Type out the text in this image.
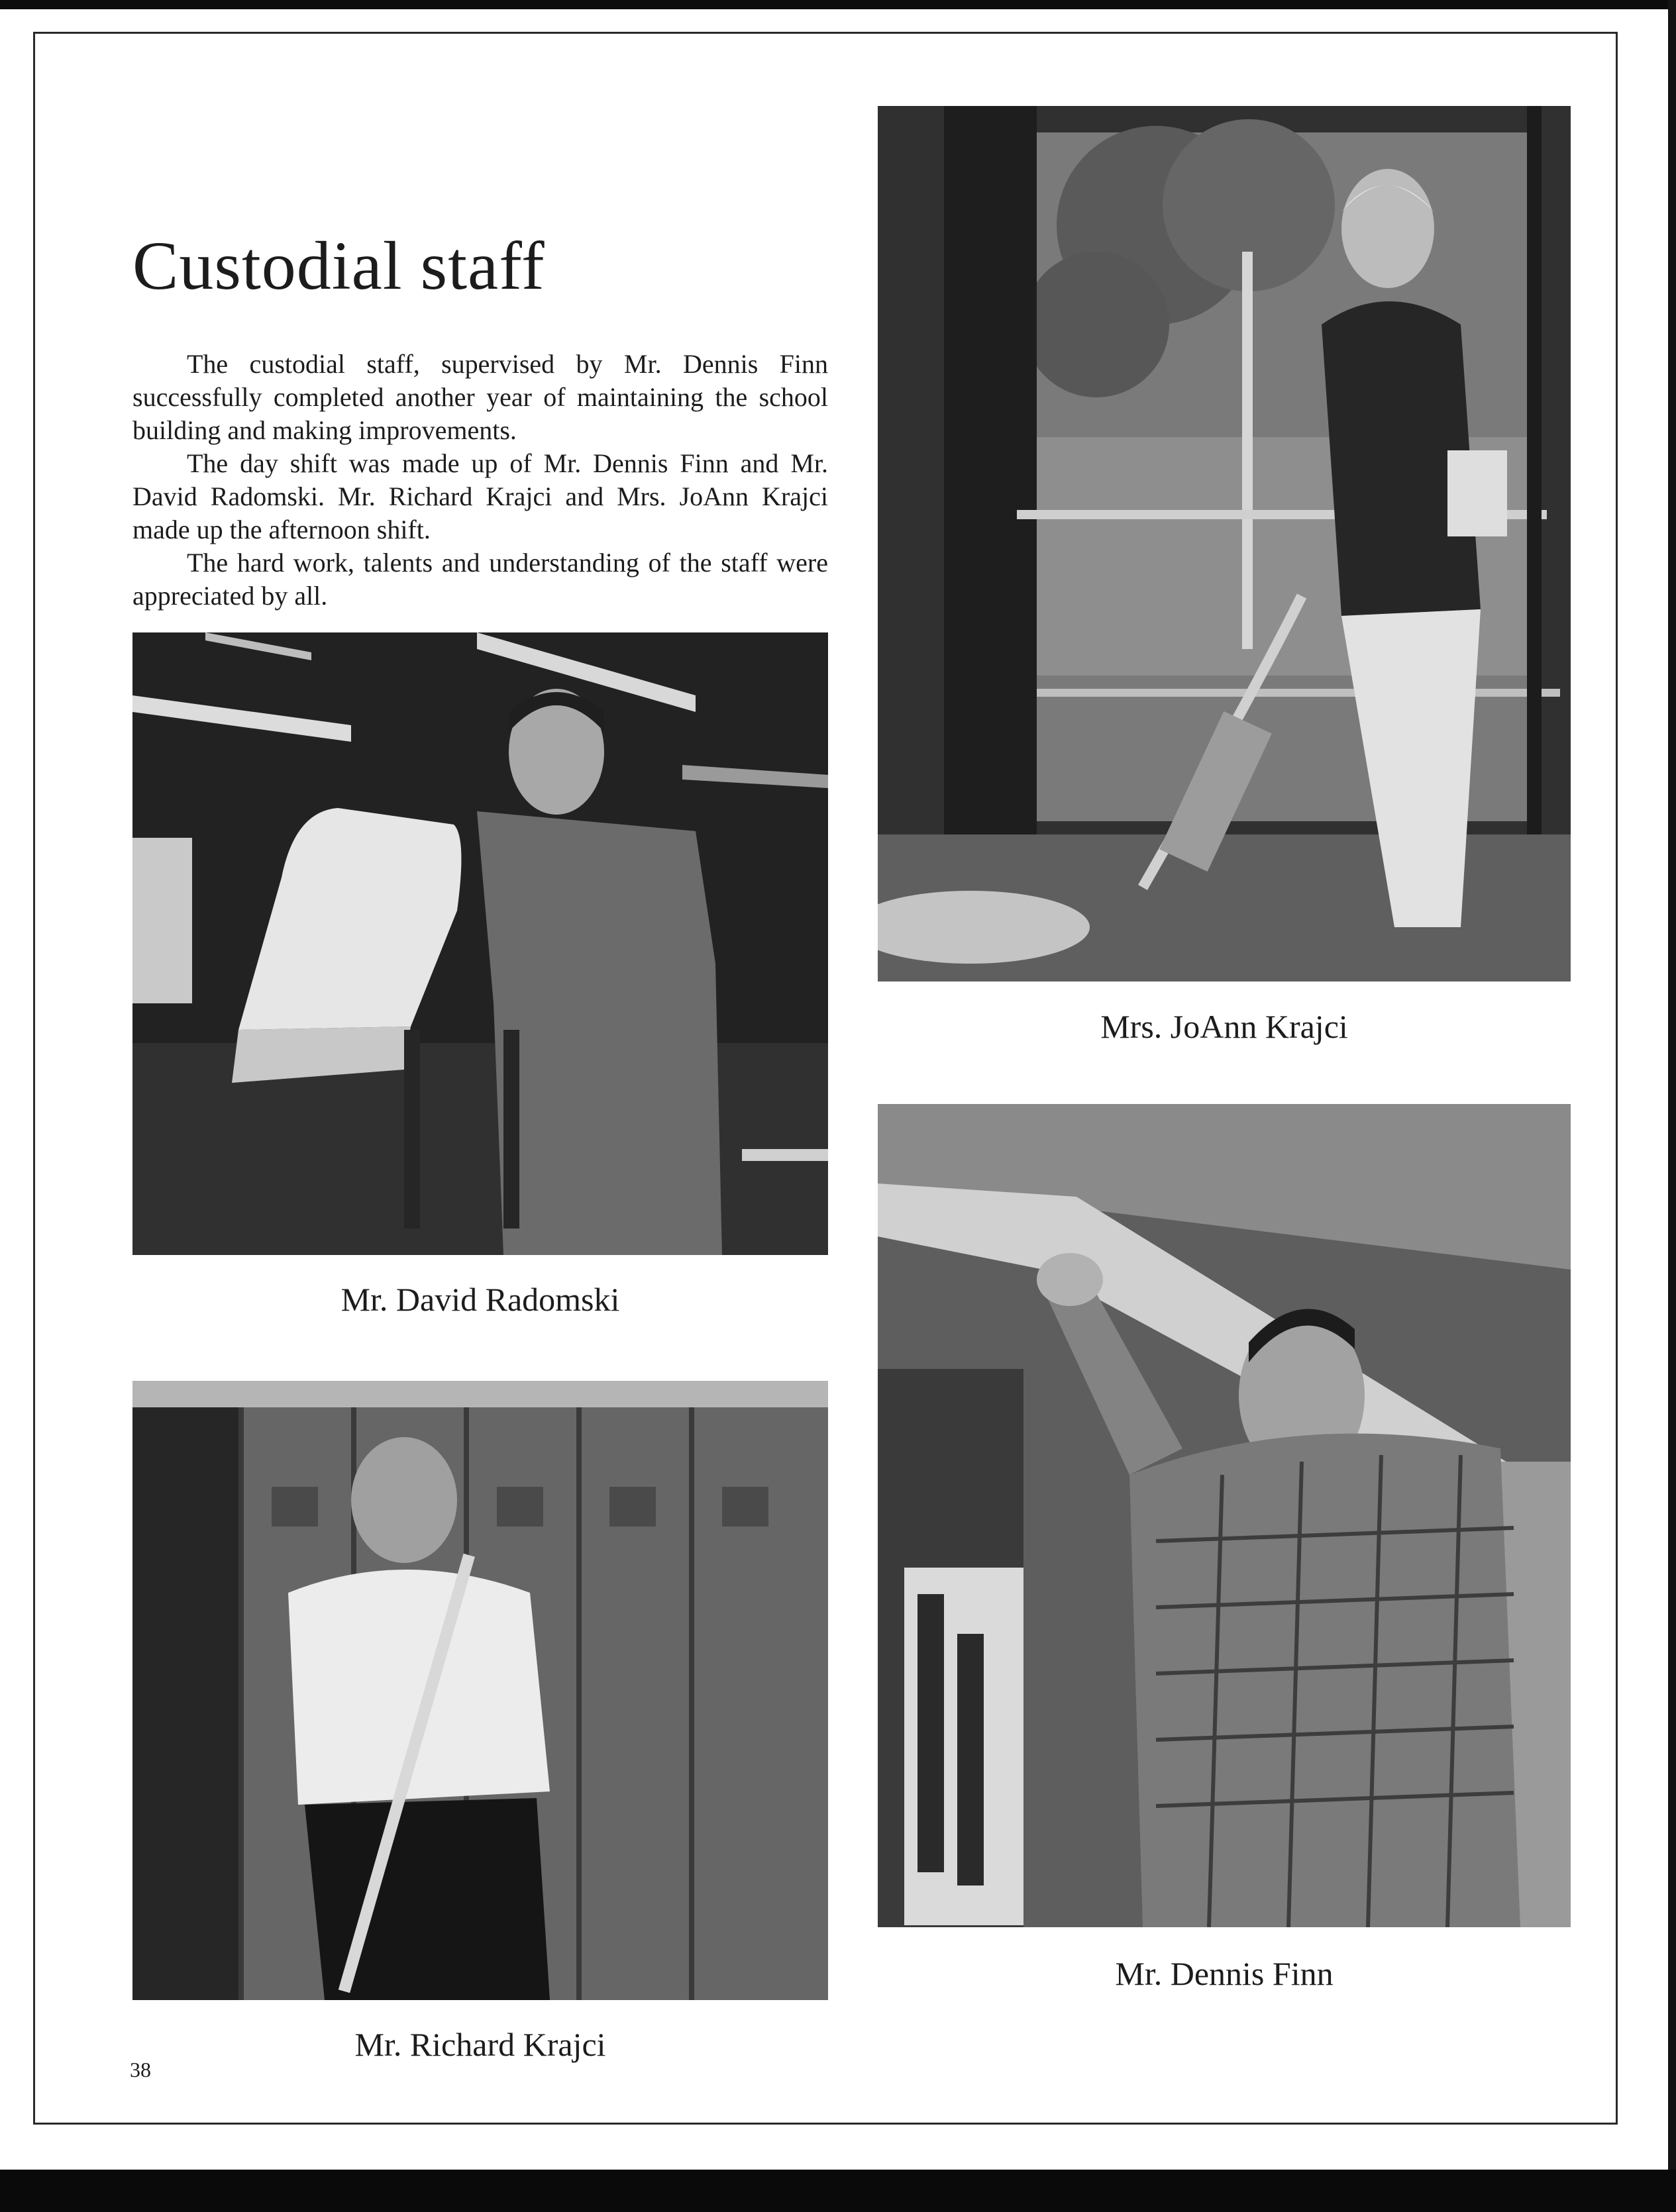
Custodial staff

The custodial staff, supervised by Mr. Dennis Finn successfully completed another year of maintaining the school building and making improvements.

The day shift was made up of Mr. Dennis Finn and Mr. David Radomski. Mr. Richard Krajci and Mrs. JoAnn Krajci made up the afternoon shift.

The hard work, talents and understanding of the staff were appreciated by all.

Mr. David Radomski
Mrs. JoAnn Krajci
Mr. Richard Krajci
Mr. Dennis Finn
38
